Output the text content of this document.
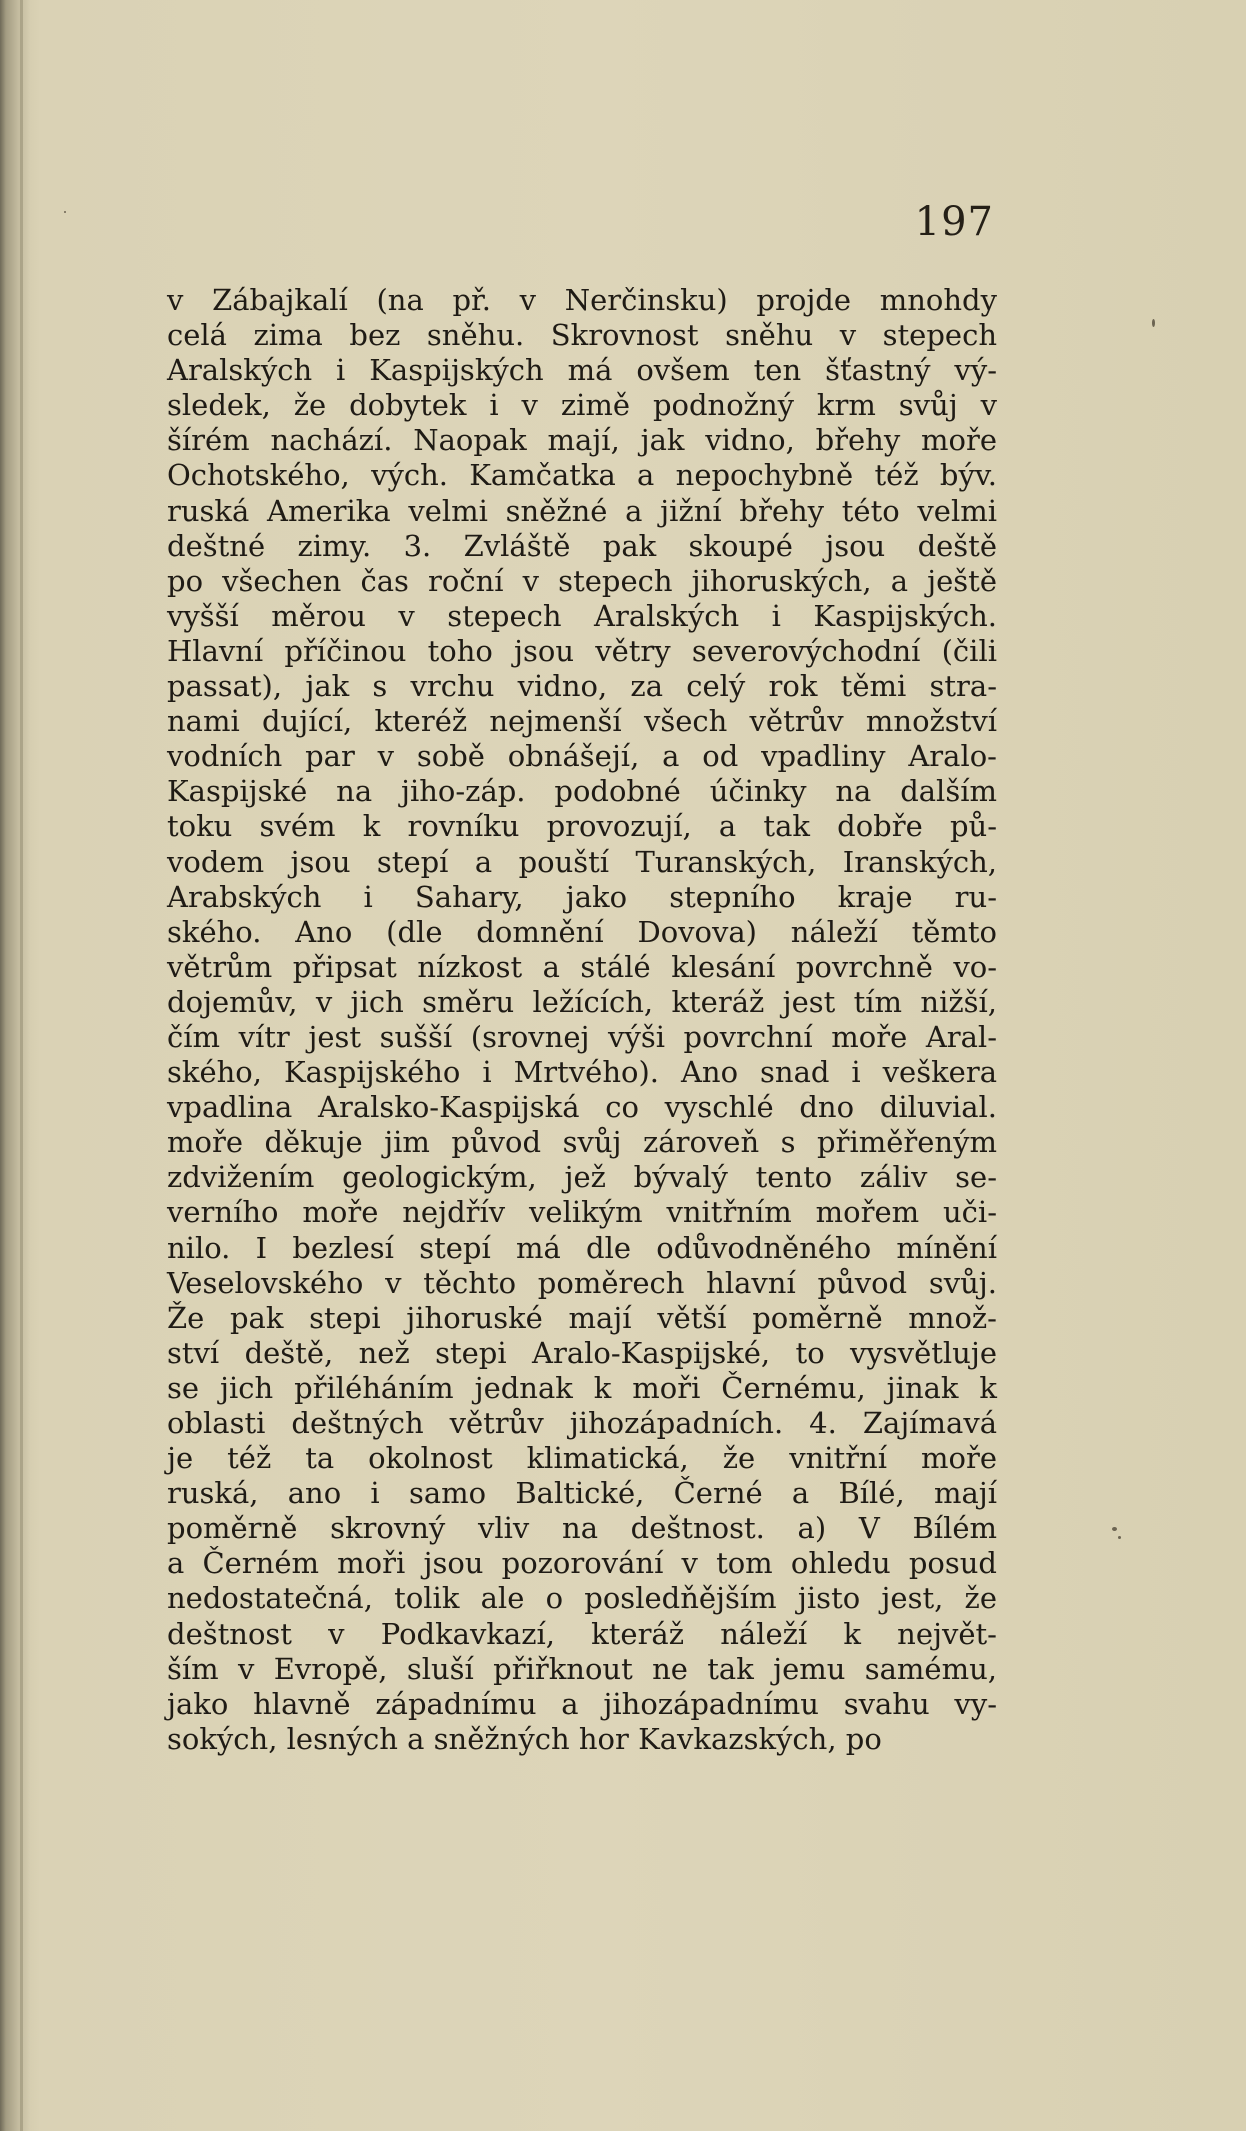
197
v Zábajkalí (na př. v Nerčinsku) projde mnohdy
celá zima bez sněhu. Skrovnost sněhu v stepech
Aralských i Kaspijských má ovšem ten šťastný vý-
sledek, že dobytek i v zimě podnožný krm svůj v
šírém nachází. Naopak mají, jak vidno, břehy moře
Ochotského, vých. Kamčatka a nepochybně též býv.
ruská Amerika velmi sněžné a jižní břehy této velmi
deštné zimy. 3. Zvláště pak skoupé jsou deště
po všechen čas roční v stepech jihoruských, a ještě
vyšší měrou v stepech Aralských i Kaspijských.
Hlavní příčinou toho jsou větry severovýchodní (čili
passat), jak s vrchu vidno, za celý rok těmi stra-
nami dující, kteréž nejmenší všech větrův množství
vodních par v sobě obnášejí, a od vpadliny Aralo-
Kaspijské na jiho-záp. podobné účinky na dalším
toku svém k rovníku provozují, a tak dobře pů-
vodem jsou stepí a pouští Turanských, Iranských,
Arabských i Sahary, jako stepního kraje ru-
ského. Ano (dle domnění Dovova) náleží těmto
větrům připsat nízkost a stálé klesání povrchně vo-
dojemův, v jich směru ležících, kteráž jest tím nižší,
čím vítr jest sušší (srovnej výši povrchní moře Aral-
ského, Kaspijského i Mrtvého). Ano snad i veškera
vpadlina Aralsko-Kaspijská co vyschlé dno diluvial.
moře děkuje jim původ svůj zároveň s přiměřeným
zdvižením geologickým, jež bývalý tento záliv se-
verního moře nejdřív velikým vnitřním mořem uči-
nilo. I bezlesí stepí má dle odůvodněného mínění
Veselovského v těchto poměrech hlavní původ svůj.
Že pak stepi jihoruské mají větší poměrně množ-
ství deště, než stepi Aralo-Kaspijské, to vysvětluje
se jich přiléháním jednak k moři Černému, jinak k
oblasti deštných větrův jihozápadních. 4. Zajímavá
je též ta okolnost klimatická, že vnitřní moře
ruská, ano i samo Baltické, Černé a Bílé, mají
poměrně skrovný vliv na deštnost. a) V Bílém
a Černém moři jsou pozorování v tom ohledu posud
nedostatečná, tolik ale o posledňějším jisto jest, že
deštnost v Podkavkazí, kteráž náleží k největ-
ším v Evropě, sluší přiřknout ne tak jemu samému,
jako hlavně západnímu a jihozápadnímu svahu vy-
sokých, lesných a sněžných hor Kavkazských, po
